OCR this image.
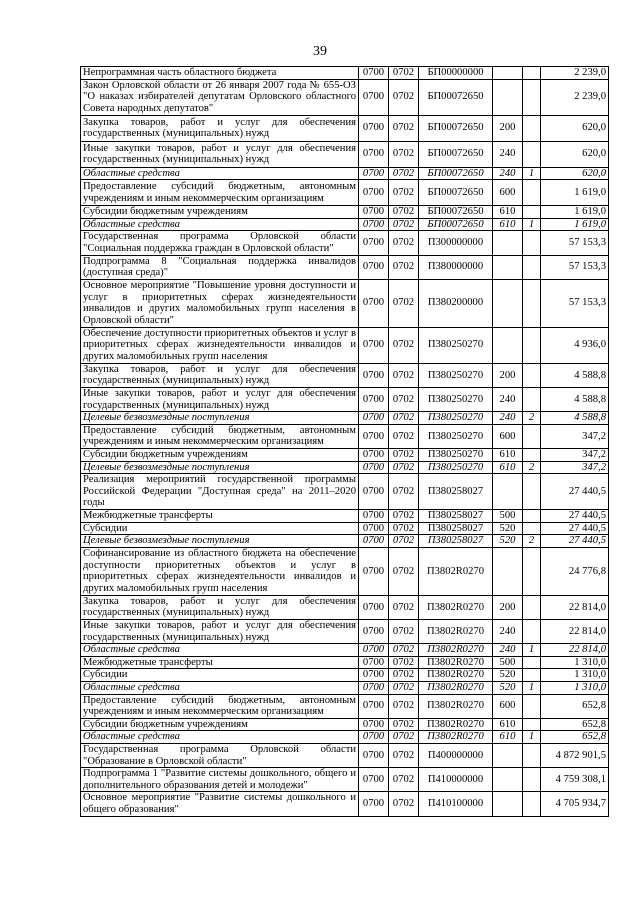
39
Непрограммная часть областного бюджета	0700	0702	БП00000000			2 239,0
Закон Орловской области от 26 января 2007 года № 655-ОЗ "О наказах избирателей депутатам Орловского областного Совета народных депутатов"	0700	0702	БП00072650			2 239,0
Закупка товаров, работ и услуг для обеспечения государственных (муниципальных) нужд	0700	0702	БП00072650	200		620,0
Иные закупки товаров, работ и услуг для обеспечения государственных (муниципальных) нужд	0700	0702	БП00072650	240		620,0
Областные средства	0700	0702	БП00072650	240	1	620,0
Предоставление субсидий бюджетным, автономным учреждениям и иным некоммерческим организациям	0700	0702	БП00072650	600		1 619,0
Субсидии бюджетным учреждениям	0700	0702	БП00072650	610		1 619,0
Областные средства	0700	0702	БП00072650	610	1	1 619,0
Государственная программа Орловской области "Социальная поддержка граждан в Орловской области"	0700	0702	П300000000			57 153,3
Подпрограмма 8 "Социальная поддержка инвалидов (доступная среда)"	0700	0702	П380000000			57 153,3
Основное мероприятие "Повышение уровня доступности и услуг в приоритетных сферах жизнедеятельности инвалидов и других маломобильных групп населения в Орловской области"	0700	0702	П380200000			57 153,3
Обеспечение доступности приоритетных объектов и услуг в приоритетных сферах жизнедеятельности инвалидов и других маломобильных групп населения	0700	0702	П380250270			4 936,0
Закупка товаров, работ и услуг для обеспечения государственных (муниципальных) нужд	0700	0702	П380250270	200		4 588,8
Иные закупки товаров, работ и услуг для обеспечения государственных (муниципальных) нужд	0700	0702	П380250270	240		4 588,8
Целевые безвозмездные поступления	0700	0702	П380250270	240	2	4 588,8
Предоставление субсидий бюджетным, автономным учреждениям и иным некоммерческим организациям	0700	0702	П380250270	600		347,2
Субсидии бюджетным учреждениям	0700	0702	П380250270	610		347,2
Целевые безвозмездные поступления	0700	0702	П380250270	610	2	347,2
Реализация мероприятий государственной программы Российской Федерации "Доступная среда" на 2011–2020 годы	0700	0702	П380258027			27 440,5
Межбюджетные трансферты	0700	0702	П380258027	500		27 440,5
Субсидии	0700	0702	П380258027	520		27 440,5
Целевые безвозмездные поступления	0700	0702	П380258027	520	2	27 440,5
Софинансирование из областного бюджета на обеспечение доступности приоритетных объектов и услуг в приоритетных сферах жизнедеятельности инвалидов и других маломобильных групп населения	0700	0702	П3802R0270			24 776,8
Закупка товаров, работ и услуг для обеспечения государственных (муниципальных) нужд	0700	0702	П3802R0270	200		22 814,0
Иные закупки товаров, работ и услуг для обеспечения государственных (муниципальных) нужд	0700	0702	П3802R0270	240		22 814,0
Областные средства	0700	0702	П3802R0270	240	1	22 814,0
Межбюджетные трансферты	0700	0702	П3802R0270	500		1 310,0
Субсидии	0700	0702	П3802R0270	520		1 310,0
Областные средства	0700	0702	П3802R0270	520	1	1 310,0
Предоставление субсидий бюджетным, автономным учреждениям и иным некоммерческим организациям	0700	0702	П3802R0270	600		652,8
Субсидии бюджетным учреждениям	0700	0702	П3802R0270	610		652,8
Областные средства	0700	0702	П3802R0270	610	1	652,8
Государственная программа Орловской области "Образование в Орловской области"	0700	0702	П400000000			4 872 901,5
Подпрограмма 1 "Развитие системы дошкольного, общего и дополнительного образования детей и молодежи"	0700	0702	П410000000			4 759 308,1
Основное мероприятие "Развитие системы дошкольного и общего образования"	0700	0702	П410100000			4 705 934,7
